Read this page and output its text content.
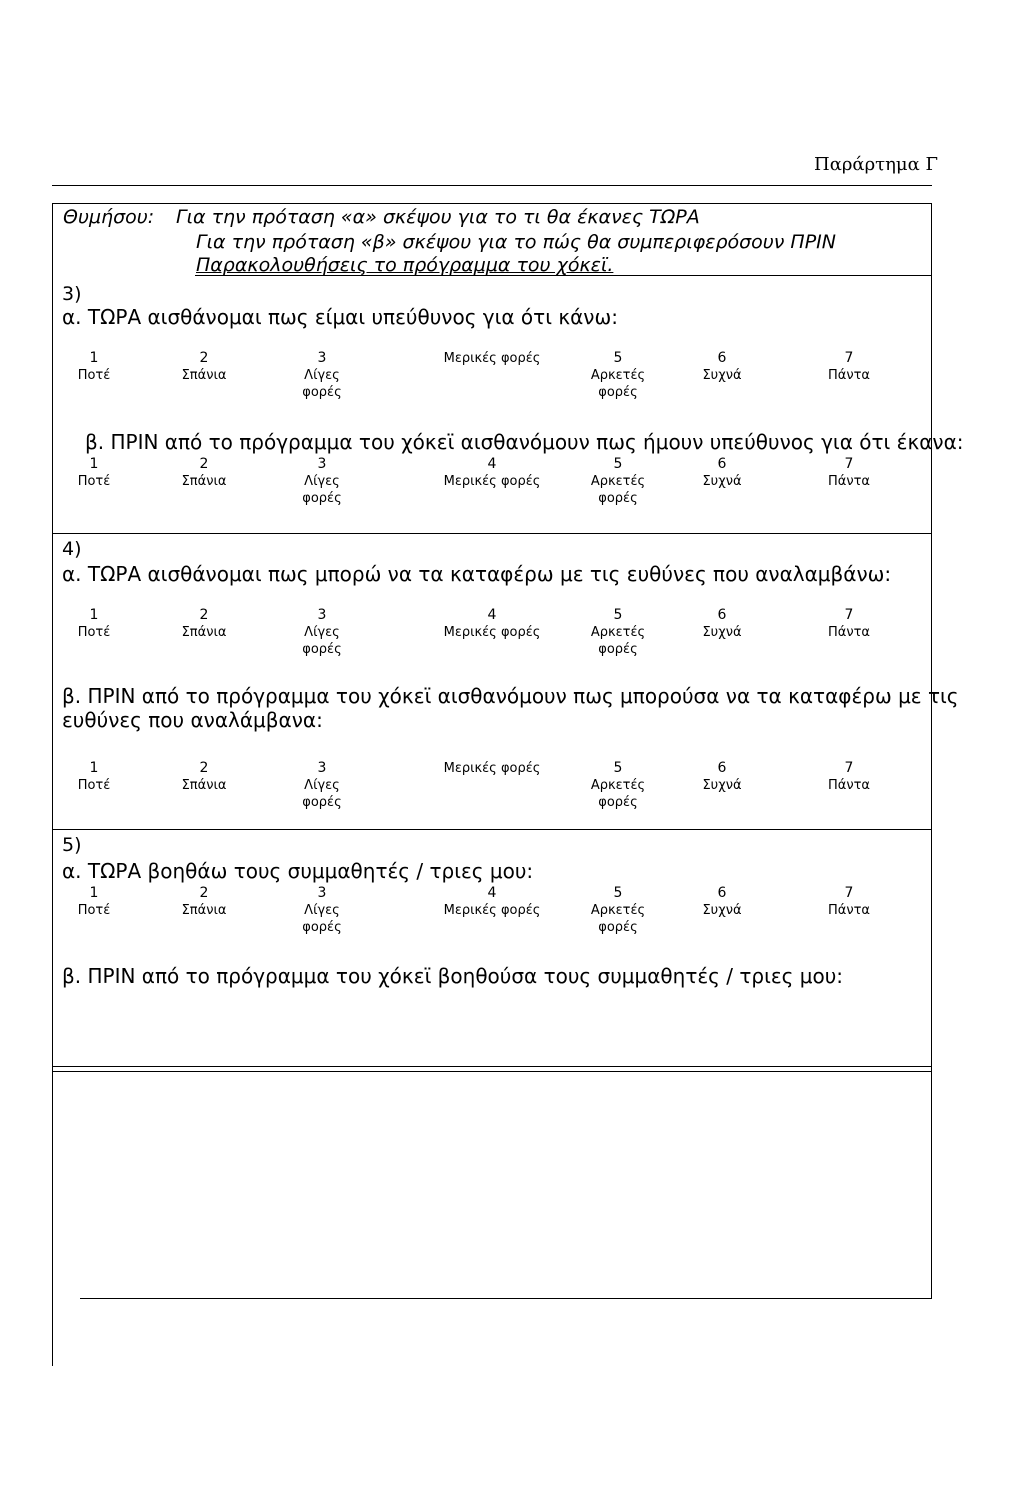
Παράρτημα Γ
Θυμήσου: Για την πρόταση «α» σκέψου για το τι θα έκανες ΤΩΡΑ
Για την πρόταση «β» σκέψου για το πώς θα συμπεριφερόσουν ΠΡΙΝ
Παρακολουθήσεις το πρόγραμμα του χόκεϊ.
3)
α. ΤΩΡΑ αισθάνομαι πως είμαι υπεύθυνος για ότι κάνω:
1
Ποτέ
2
Σπάνια
3
Λίγες φορές
Μερικές φορές	5
Αρκετές φορές
6
Συχνά
7
Πάντα
β. ΠΡΙΝ από το πρόγραμμα του χόκεϊ αισθανόμουν πως ήμουν υπεύθυνος για ότι έκανα:
1
Ποτέ
2
Σπάνια
3
Λίγες φορές
4
Μερικές φορές
5
Αρκετές φορές
6
Συχνά
7
Πάντα
4)
α. ΤΩΡΑ αισθάνομαι πως μπορώ να τα καταφέρω με τις ευθύνες που αναλαμβάνω:
1
Ποτέ
2
Σπάνια
3
Λίγες φορές
4
Μερικές φορές
5
Αρκετές φορές
6
Συχνά
7
Πάντα
β. ΠΡΙΝ από το πρόγραμμα του χόκεϊ αισθανόμουν πως μπορούσα να τα καταφέρω με τις
ευθύνες που αναλάμβανα:
1
Ποτέ
2
Σπάνια
3
Λίγες φορές
Μερικές φορές	5
Αρκετές φορές
6
Συχνά
7
Πάντα
5)
α. ΤΩΡΑ βοηθάω τους συμμαθητές / τριες μου:
1
Ποτέ
2
Σπάνια
3
Λίγες φορές
4
Μερικές φορές
5
Αρκετές φορές
6
Συχνά
7
Πάντα
β. ΠΡΙΝ από το πρόγραμμα του χόκεϊ βοηθούσα τους συμμαθητές / τριες μου:
